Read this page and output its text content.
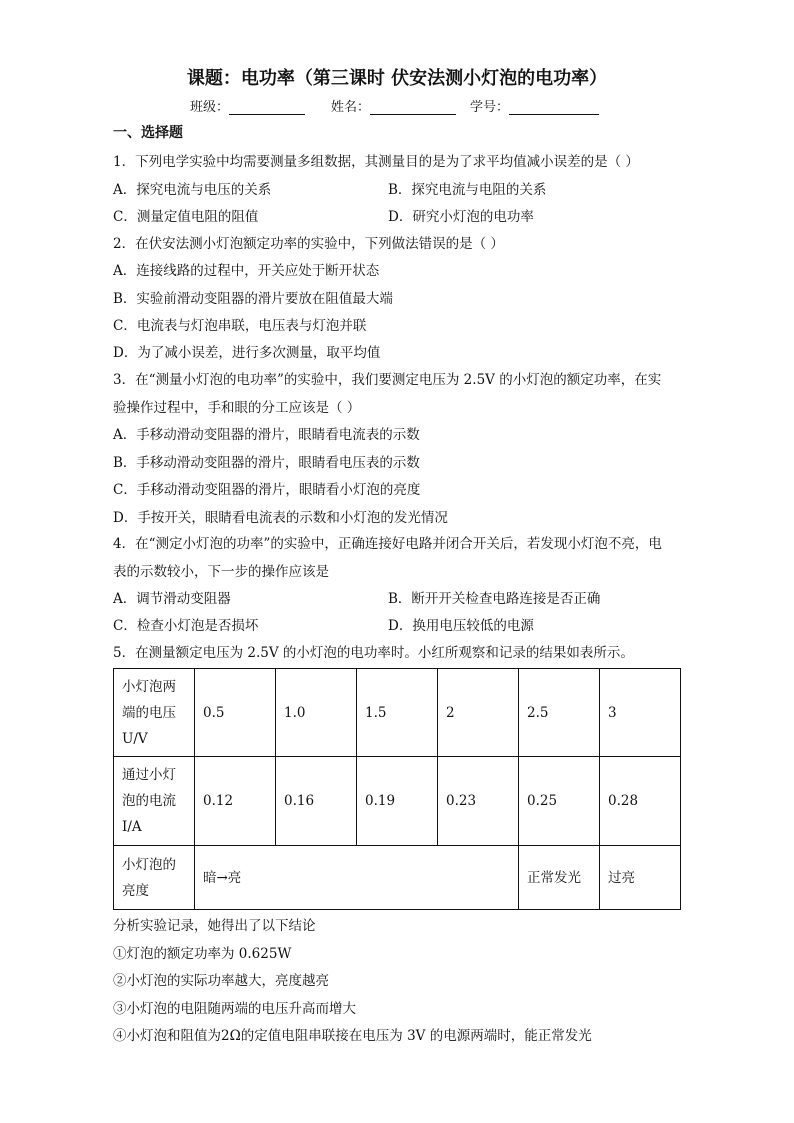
课题：电功率（第三课时 伏安法测小灯泡的电功率）
班级：	姓名：	学号：
一、选择题
1．下列电学实验中均需要测量多组数据，其测量目的是为了求平均值减小误差的是（ ）
A．探究电流与电压的关系	B．探究电流与电阻的关系
C．测量定值电阻的阻值	D．研究小灯泡的电功率
2．在伏安法测小灯泡额定功率的实验中，下列做法错误的是（ ）
A．连接线路的过程中，开关应处于断开状态
B．实验前滑动变阻器的滑片要放在阻值最大端
C．电流表与灯泡串联，电压表与灯泡并联
D．为了减小误差，进行多次测量，取平均值
3．在“测量小灯泡的电功率”的实验中，我们要测定电压为 2.5V 的小灯泡的额定功率，在实
验操作过程中，手和眼的分工应该是（ ）
A．手移动滑动变阻器的滑片，眼睛看电流表的示数
B．手移动滑动变阻器的滑片，眼睛看电压表的示数
C．手移动滑动变阻器的滑片，眼睛看小灯泡的亮度
D．手按开关，眼睛看电流表的示数和小灯泡的发光情况
4．在“测定小灯泡的功率”的实验中，正确连接好电路并闭合开关后，若发现小灯泡不亮，电
表的示数较小，下一步的操作应该是
A．调节滑动变阻器	B．断开开关检查电路连接是否正确
C．检查小灯泡是否损坏	D．换用电压较低的电源
5．在测量额定电压为 2.5V 的小灯泡的电功率时。小红所观察和记录的结果如表所示。
小灯泡两
端的电压
U/V	0.5	1.0	1.5	2	2.5	3

通过小灯
泡的电流
I/A	0.12	0.16	0.19	0.23	0.25	0.28

小灯泡的
亮度	暗→亮				正常发光	过亮
分析实验记录，她得出了以下结论
①灯泡的额定功率为 0.625W
②小灯泡的实际功率越大，亮度越亮
③小灯泡的电阻随两端的电压升高而增大
④小灯泡和阻值为2Ω的定值电阻串联接在电压为 3V 的电源两端时，能正常发光
